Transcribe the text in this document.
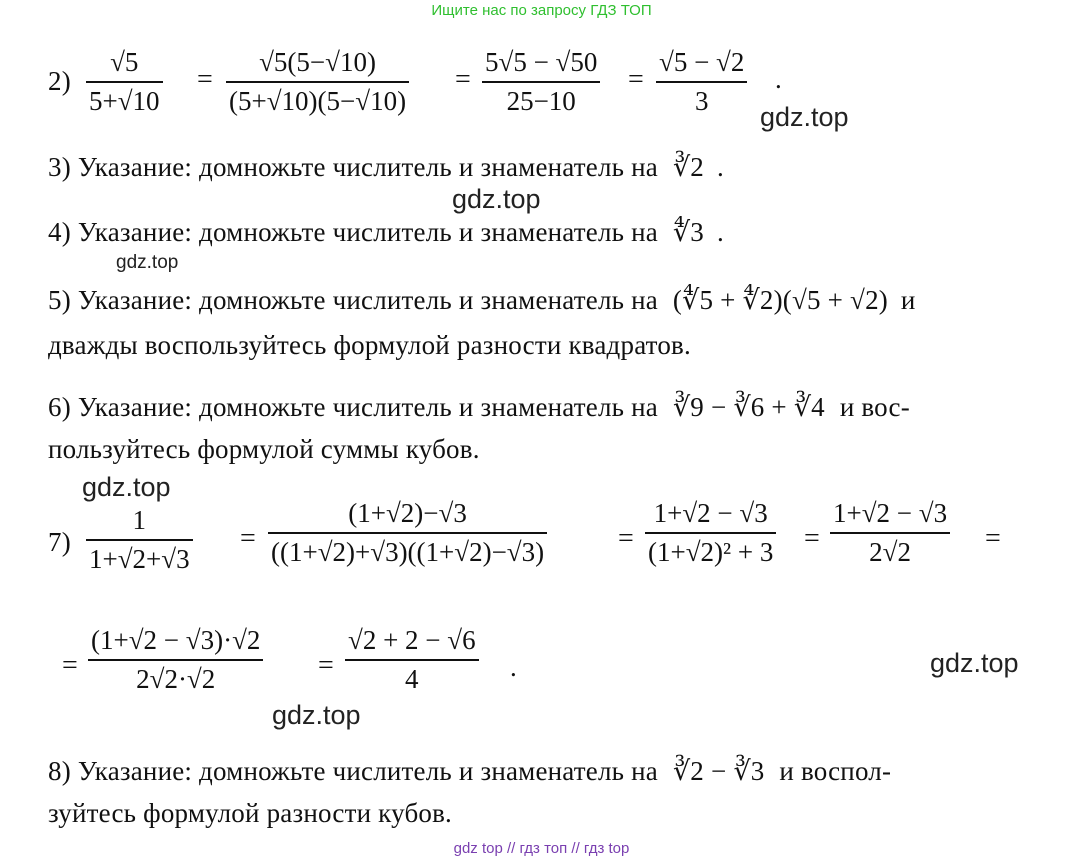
Ищите нас по запросу ГДЗ ТОП
2)
√5
5+√10
=
√5(5−√10)
(5+√10)(5−√10)
=
5√5 − √50
25−10
=
√5 − √2
3
.
gdz.top
3) Указание: домножьте числитель и знаменатель на ∛2 .
gdz.top
4) Указание: домножьте числитель и знаменатель на ∜3 .
gdz.top
5) Указание: домножьте числитель и знаменатель на (∜5 + ∜2)(√5 + √2) и
дважды воспользуйтесь формулой разности квадратов.
6) Указание: домножьте числитель и знаменатель на ∛9 − ∛6 + ∛4 и вос-
пользуйтесь формулой суммы кубов.
gdz.top
7)
1
1+√2+√3
=
(1+√2)−√3
((1+√2)+√3)((1+√2)−√3)	=
1+√2 − √3
(1+√2)² + 3 =
1+√2 − √3
2√2	=
=
(1+√2 − √3)·√2
2√2·√2	=
√2 + 2 − √6
4	.	gdz.top
gdz.top
8) Указание: домножьте числитель и знаменатель на ∛2 − ∛3 и воспол-
зуйтесь формулой разности кубов.
gdz top // гдз топ // гдз top
